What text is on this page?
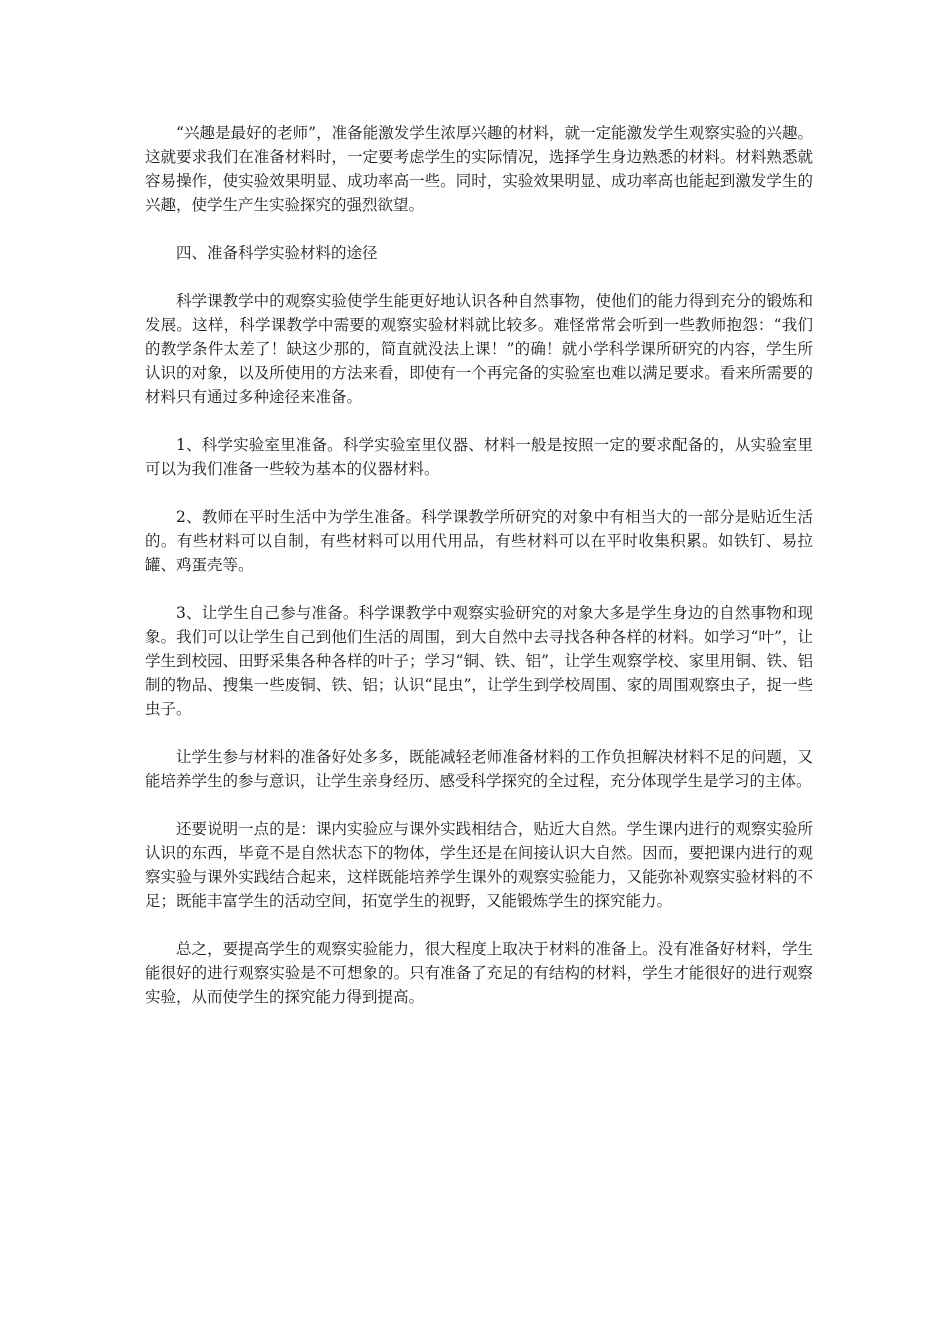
“兴趣是最好的老师”，准备能激发学生浓厚兴趣的材料，就一定能激发学生观察实验的兴趣。这就要求我们在准备材料时，一定要考虑学生的实际情况，选择学生身边熟悉的材料。材料熟悉就容易操作，使实验效果明显、成功率高一些。同时，实验效果明显、成功率高也能起到激发学生的兴趣，使学生产生实验探究的强烈欲望。

四、准备科学实验材料的途径

科学课教学中的观察实验使学生能更好地认识各种自然事物，使他们的能力得到充分的锻炼和发展。这样，科学课教学中需要的观察实验材料就比较多。难怪常常会听到一些教师抱怨：“我们的教学条件太差了！缺这少那的，简直就没法上课！”的确！就小学科学课所研究的内容，学生所认识的对象，以及所使用的方法来看，即使有一个再完备的实验室也难以满足要求。看来所需要的材料只有通过多种途径来准备。

1、科学实验室里准备。科学实验室里仪器、材料一般是按照一定的要求配备的，从实验室里可以为我们准备一些较为基本的仪器材料。

2、教师在平时生活中为学生准备。科学课教学所研究的对象中有相当大的一部分是贴近生活的。有些材料可以自制，有些材料可以用代用品，有些材料可以在平时收集积累。如铁钉、易拉罐、鸡蛋壳等。

3、让学生自己参与准备。科学课教学中观察实验研究的对象大多是学生身边的自然事物和现象。我们可以让学生自己到他们生活的周围，到大自然中去寻找各种各样的材料。如学习“叶”，让学生到校园、田野采集各种各样的叶子；学习“铜、铁、铝”，让学生观察学校、家里用铜、铁、铝制的物品、搜集一些废铜、铁、铝；认识“昆虫”，让学生到学校周围、家的周围观察虫子，捉一些虫子。

让学生参与材料的准备好处多多，既能减轻老师准备材料的工作负担解决材料不足的问题，又能培养学生的参与意识，让学生亲身经历、感受科学探究的全过程，充分体现学生是学习的主体。

还要说明一点的是：课内实验应与课外实践相结合，贴近大自然。学生课内进行的观察实验所认识的东西，毕竟不是自然状态下的物体，学生还是在间接认识大自然。因而，要把课内进行的观察实验与课外实践结合起来，这样既能培养学生课外的观察实验能力，又能弥补观察实验材料的不足；既能丰富学生的活动空间，拓宽学生的视野，又能锻炼学生的探究能力。

总之，要提高学生的观察实验能力，很大程度上取决于材料的准备上。没有准备好材料，学生能很好的进行观察实验是不可想象的。只有准备了充足的有结构的材料，学生才能很好的进行观察实验，从而使学生的探究能力得到提高。
